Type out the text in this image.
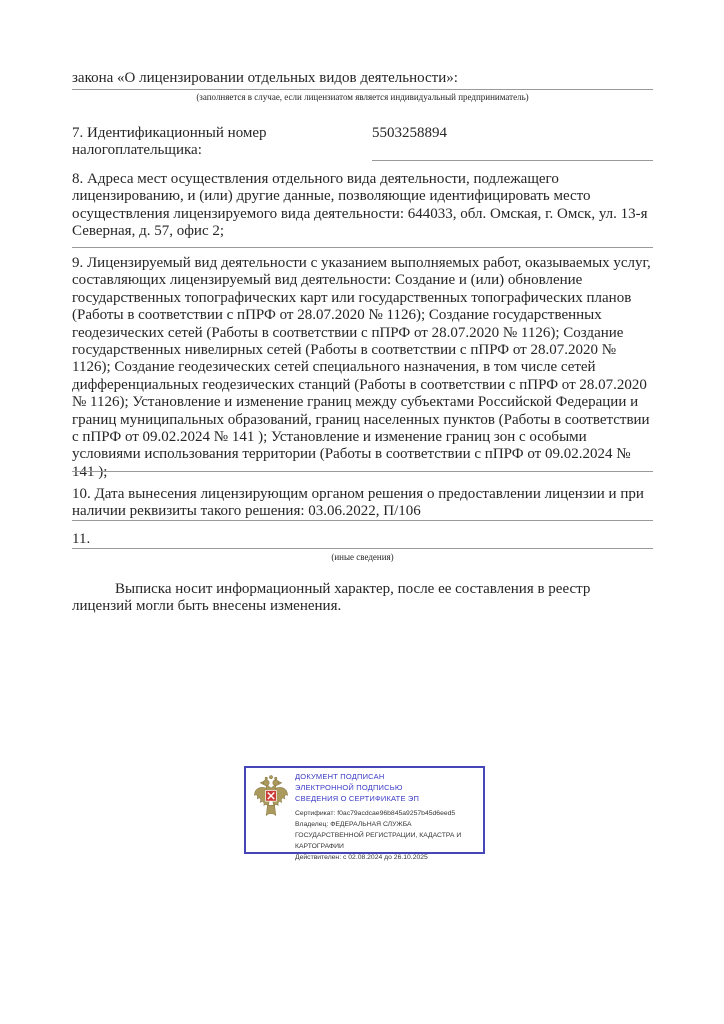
закона «О лицензировании отдельных видов деятельности»:
(заполняется в случае, если лицензиатом является индивидуальный предприниматель)
7. Идентификационный номер налогоплательщика:
5503258894
8. Адреса мест осуществления отдельного вида деятельности, подлежащего лицензированию, и (или) другие данные, позволяющие идентифицировать место осуществления лицензируемого вида деятельности: 644033, обл. Омская, г. Омск, ул. 13-я Северная, д. 57, офис 2;
9. Лицензируемый вид деятельности с указанием выполняемых работ, оказываемых услуг, составляющих лицензируемый вид деятельности: Создание и (или) обновление государственных топографических карт или государственных топографических планов (Работы в соответствии с пПРФ от 28.07.2020 № 1126); Создание государственных геодезических сетей (Работы в соответствии с пПРФ от 28.07.2020 № 1126); Создание государственных нивелирных сетей (Работы в соответствии с пПРФ от 28.07.2020 № 1126); Создание геодезических сетей специального назначения, в том числе сетей дифференциальных геодезических станций (Работы в соответствии с пПРФ от 28.07.2020 № 1126); Установление и изменение границ между субъектами Российской Федерации и границ муниципальных образований, границ населенных пунктов (Работы в соответствии с пПРФ от 09.02.2024 № 141 ); Установление и изменение границ зон с особыми условиями использования территории (Работы в соответствии с пПРФ от 09.02.2024 № 141 );
10. Дата вынесения лицензирующим органом решения о предоставлении лицензии и при наличии реквизиты такого решения: 03.06.2022, П/106
11.
(иные сведения)
Выписка носит информационный характер, после ее составления в реестр лицензий могли быть внесены изменения.
ДОКУМЕНТ ПОДПИСАН
ЭЛЕКТРОННОЙ ПОДПИСЬЮ
СВЕДЕНИЯ О СЕРТИФИКАТЕ ЭП
Сертификат: f0ac79acdcae96b845a9257b45d6eed5
Владелец: ФЕДЕРАЛЬНАЯ СЛУЖБА ГОСУДАРСТВЕННОЙ РЕГИСТРАЦИИ, КАДАСТРА И КАРТОГРАФИИ
Действителен: с 02.08.2024 до 26.10.2025
